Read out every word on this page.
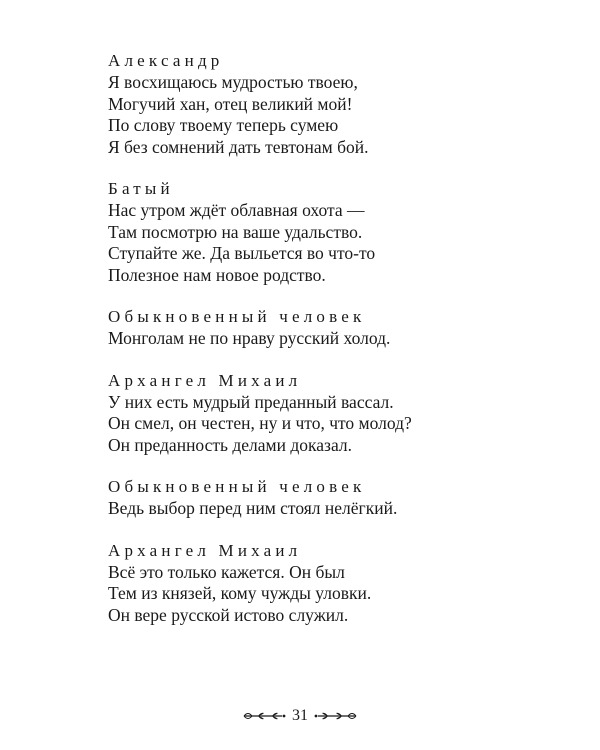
Александр
Я восхищаюсь мудростью твоею,
Могучий хан, отец великий мой!
По слову твоему теперь сумею
Я без сомнений дать тевтонам бой.
Батый
Нас утром ждёт облавная охота —
Там посмотрю на ваше удальство.
Ступайте же. Да выльется во что-то
Полезное нам новое родство.
Обыкновенный человек
Монголам не по нраву русский холод.
Архангел Михаил
У них есть мудрый преданный вассал.
Он смел, он честен, ну и что, что молод?
Он преданность делами доказал.
Обыкновенный человек
Ведь выбор перед ним стоял нелёгкий.
Архангел Михаил
Всё это только кажется. Он был
Тем из князей, кому чужды уловки.
Он вере русской истово служил.
31
